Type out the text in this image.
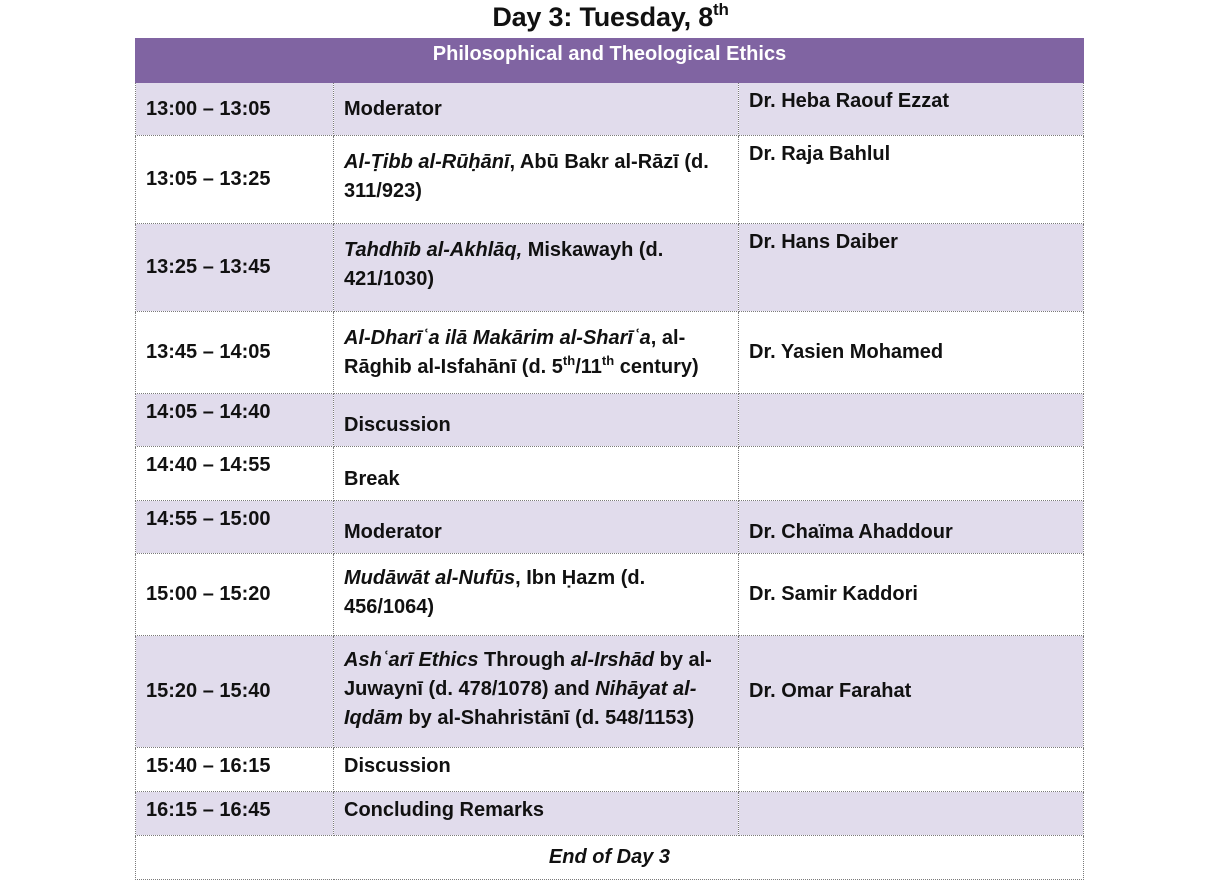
Day 3: Tuesday, 8th
Philosophical and Theological Ethics		
13:00 – 13:05	Moderator	Dr. Heba Raouf Ezzat
13:05 – 13:25	Al-Ṭibb al-Rūḥānī, Abū Bakr al-Rāzī (d. 311/923)	Dr. Raja Bahlul
13:25 – 13:45	Tahdhīb al-Akhlāq, Miskawayh (d. 421/1030)	Dr. Hans Daiber
13:45 – 14:05	Al-Dharīʿa ilā Makārim al-Sharīʿa, al-Rāghib al-Isfahānī (d. 5th/11th century)	Dr. Yasien Mohamed
14:05 – 14:40	Discussion	
14:40 – 14:55	Break	
14:55 – 15:00	Moderator	Dr. Chaïma Ahaddour
15:00 – 15:20	Mudāwāt al-Nufūs, Ibn Ḥazm (d. 456/1064)	Dr. Samir Kaddori
15:20 – 15:40	Ashʿarī Ethics Through al-Irshād by al-Juwaynī (d. 478/1078) and Nihāyat al-Iqdām by al-Shahristānī (d. 548/1153)	Dr. Omar Farahat
15:40 – 16:15	Discussion	
16:15 – 16:45	Concluding Remarks	
End of Day 3		
